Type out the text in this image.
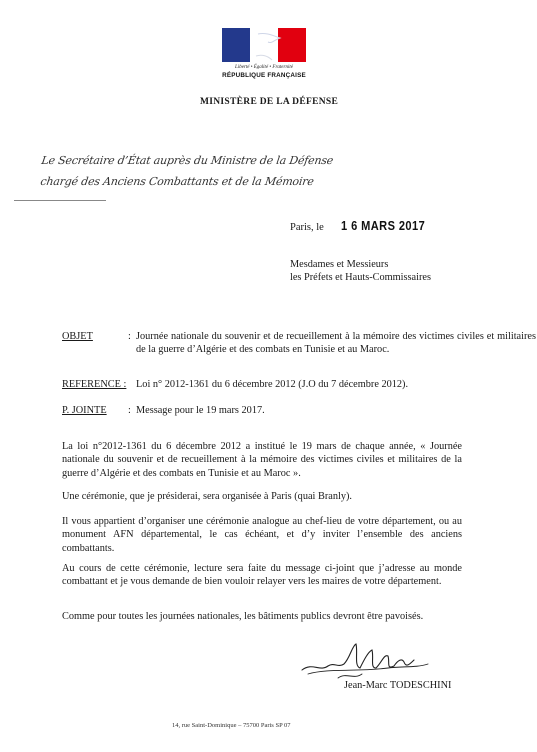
Liberté • Égalité • Fraternité
RÉPUBLIQUE FRANÇAISE
MINISTÈRE DE LA DÉFENSE
Le Secrétaire d’État auprès du Ministre de la Défense
chargé des Anciens Combattants et de la Mémoire
Paris, le 1 6 MARS 2017
Mesdames et Messieurs
les Préfets et Hauts-Commissaires
OBJET	: Journée nationale du souvenir et de recueillement à la mémoire des victimes civiles et militaires de la guerre d’Algérie et des combats en Tunisie et au Maroc.
REFERENCE : Loi n° 2012-1361 du 6 décembre 2012 (J.O du 7 décembre 2012).
P. JOINTE : Message pour le 19 mars 2017.
La loi n°2012-1361 du 6 décembre 2012 a institué le 19 mars de chaque année, « Journée nationale du souvenir et de recueillement à la mémoire des victimes civiles et militaires de la guerre d’Algérie et des combats en Tunisie et au Maroc ».
Une cérémonie, que je présiderai, sera organisée à Paris (quai Branly).
Il vous appartient d’organiser une cérémonie analogue au chef-lieu de votre département, ou au monument AFN départemental, le cas échéant, et d’y inviter l’ensemble des anciens combattants.
Au cours de cette cérémonie, lecture sera faite du message ci-joint que j’adresse au monde combattant et je vous demande de bien vouloir relayer vers les maires de votre département.
Comme pour toutes les journées nationales, les bâtiments publics devront être pavoisés.
Jean-Marc TODESCHINI
14, rue Saint-Dominique – 75700 Paris SP 07
